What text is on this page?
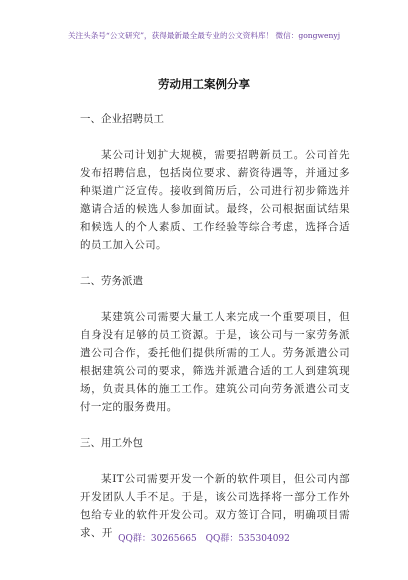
关注头条号“公文研究”，获得最新最全最专业的公文资料库！ 微信：gongwenyj
劳动用工案例分享

一、企业招聘员工

某公司计划扩大规模，需要招聘新员工。公司首先发布招聘信息，包括岗位要求、薪资待遇等，并通过多种渠道广泛宣传。接收到简历后，公司进行初步筛选并邀请合适的候选人参加面试。最终，公司根据面试结果和候选人的个人素质、工作经验等综合考虑，选择合适的员工加入公司。

二、劳务派遣

某建筑公司需要大量工人来完成一个重要项目，但自身没有足够的员工资源。于是，该公司与一家劳务派遣公司合作，委托他们提供所需的工人。劳务派遣公司根据建筑公司的要求，筛选并派遣合适的工人到建筑现场，负责具体的施工工作。建筑公司向劳务派遣公司支付一定的服务费用。

三、用工外包

某IT公司需要开发一个新的软件项目，但公司内部开发团队人手不足。于是，该公司选择将一部分工作外包给专业的软件开发公司。双方签订合同，明确项目需求、开 QQ群：30265665 QQ群：535304092
